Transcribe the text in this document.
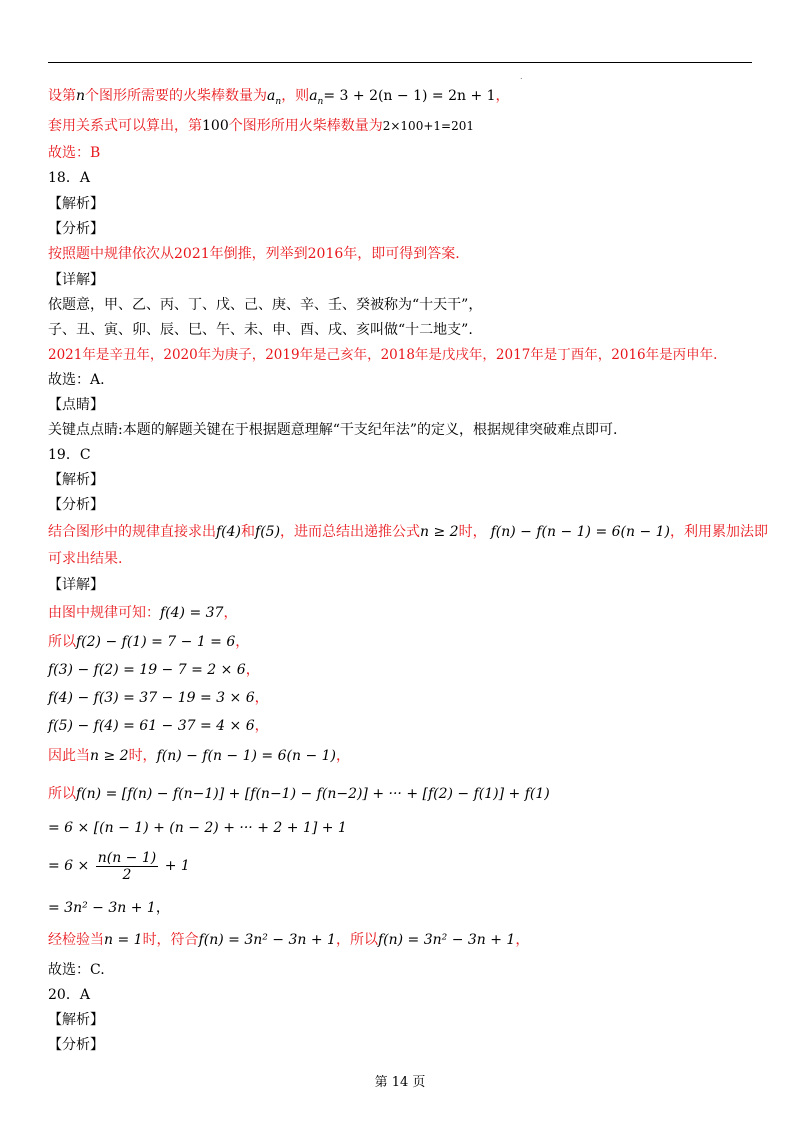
.
设第n个图形所需要的火柴棒数量为$a_n$，则$a_n= 3 + 2(n - 1) = 2n + 1$，
套用关系式可以算出，第100个图形所用火柴棒数量为2×100+1=201
故选：B
18．A
【解析】
【分析】
按照题中规律依次从2021年倒推，列举到2016年，即可得到答案.
【详解】
依题意，甲、乙、丙、丁、戊、己、庚、辛、壬、癸被称为“十天干”，
子、丑、寅、卯、辰、巳、午、未、申、酉、戌、亥叫做“十二地支”.
2021年是辛丑年，2020年为庚子，2019年是己亥年，2018年是戊戌年，2017年是丁酉年，2016年是丙申年.
故选：A.
【点睛】
关键点点睛:本题的解题关键在于根据题意理解“干支纪年法”的定义，根据规律突破难点即可.
19．C
【解析】
【分析】
结合图形中的规律直接求出f(4)和f(5)，进而总结出递推公式n ≥ 2时， f(n) − f(n − 1) = 6(n − 1)，利用累加法即
可求出结果.
【详解】
由图中规律可知：f(4) = 37，
所以f(2) − f(1) = 7 − 1 = 6，
f(3) − f(2) = 19 − 7 = 2 × 6，
f(4) − f(3) = 37 − 19 = 3 × 6，
f(5) − f(4) = 61 − 37 = 4 × 6，
因此当n ≥ 2时，f(n) − f(n − 1) = 6(n − 1)，
所以f(n) = [f(n) − f(n−1)] + [f(n−1) − f(n−2)] + ··· + [f(2) − f(1)] + f(1)
= 6 × [(n − 1) + (n − 2) + ··· + 2 + 1] + 1
= $6 \times \frac{n(n - 1)}{2} + 1$
= 3n² − 3n + 1，
经检验当n = 1时，符合f(n) = 3n² − 3n + 1，所以f(n) = 3n² − 3n + 1，
故选：C.
20．A
【解析】
【分析】
第 14 页
